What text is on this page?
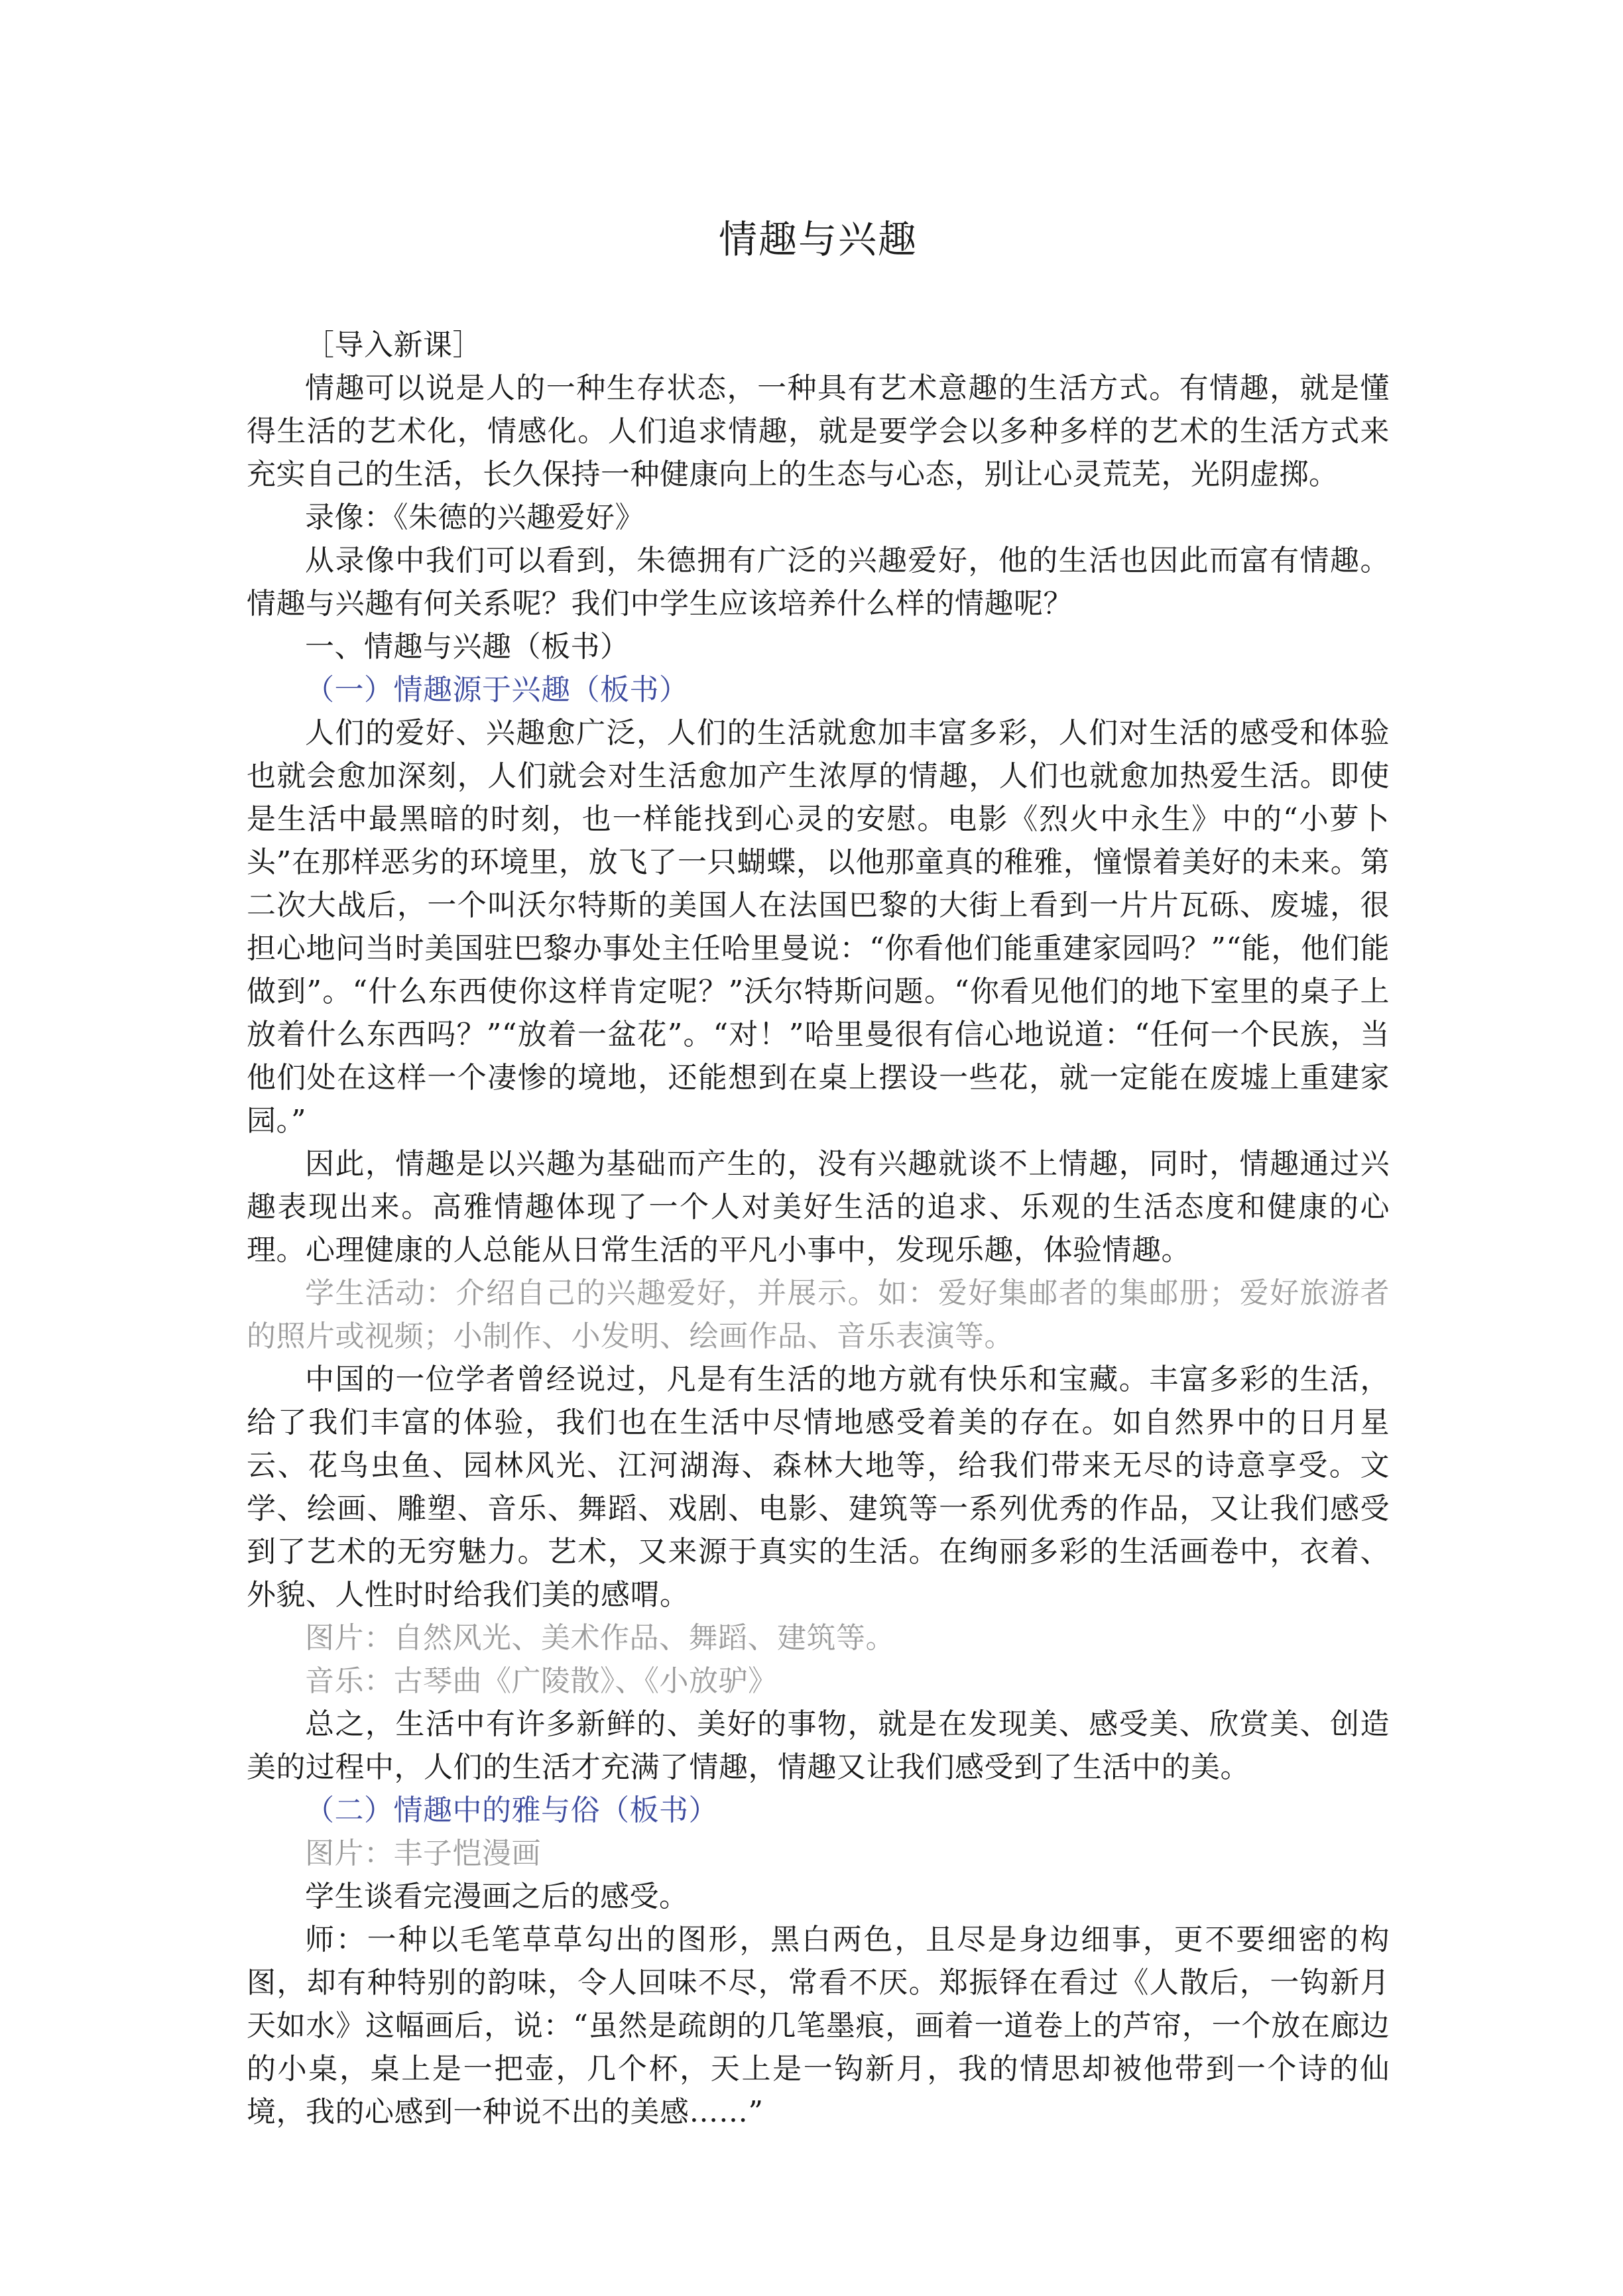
情趣与兴趣

［导入新课］

情趣可以说是人的一种生存状态，一种具有艺术意趣的生活方式。有情趣，就是懂得生活的艺术化，情感化。人们追求情趣，就是要学会以多种多样的艺术的生活方式来充实自己的生活，长久保持一种健康向上的生态与心态，别让心灵荒芜，光阴虚掷。

录像：《朱德的兴趣爱好》

从录像中我们可以看到，朱德拥有广泛的兴趣爱好，他的生活也因此而富有情趣。情趣与兴趣有何关系呢？我们中学生应该培养什么样的情趣呢？

一、情趣与兴趣（板书）

（一）情趣源于兴趣（板书）

人们的爱好、兴趣愈广泛，人们的生活就愈加丰富多彩，人们对生活的感受和体验也就会愈加深刻，人们就会对生活愈加产生浓厚的情趣，人们也就愈加热爱生活。即使是生活中最黑暗的时刻，也一样能找到心灵的安慰。电影《烈火中永生》中的“小萝卜头”在那样恶劣的环境里，放飞了一只蝴蝶，以他那童真的稚雅，憧憬着美好的未来。第二次大战后，一个叫沃尔特斯的美国人在法国巴黎的大街上看到一片片瓦砾、废墟，很担心地问当时美国驻巴黎办事处主任哈里曼说：“你看他们能重建家园吗？”“能，他们能做到”。“什么东西使你这样肯定呢？”沃尔特斯问题。“你看见他们的地下室里的桌子上放着什么东西吗？”“放着一盆花”。“对！”哈里曼很有信心地说道：“任何一个民族，当他们处在这样一个凄惨的境地，还能想到在桌上摆设一些花，就一定能在废墟上重建家园。”

因此，情趣是以兴趣为基础而产生的，没有兴趣就谈不上情趣，同时，情趣通过兴趣表现出来。高雅情趣体现了一个人对美好生活的追求、乐观的生活态度和健康的心理。心理健康的人总能从日常生活的平凡小事中，发现乐趣，体验情趣。

学生活动：介绍自己的兴趣爱好，并展示。如：爱好集邮者的集邮册；爱好旅游者的照片或视频；小制作、小发明、绘画作品、音乐表演等。

中国的一位学者曾经说过，凡是有生活的地方就有快乐和宝藏。丰富多彩的生活，给了我们丰富的体验，我们也在生活中尽情地感受着美的存在。如自然界中的日月星云、花鸟虫鱼、园林风光、江河湖海、森林大地等，给我们带来无尽的诗意享受。文学、绘画、雕塑、音乐、舞蹈、戏剧、电影、建筑等一系列优秀的作品，又让我们感受到了艺术的无穷魅力。艺术，又来源于真实的生活。在绚丽多彩的生活画卷中，衣着、外貌、人性时时给我们美的感喟。

图片：自然风光、美术作品、舞蹈、建筑等。

音乐：古琴曲《广陵散》、《小放驴》

总之，生活中有许多新鲜的、美好的事物，就是在发现美、感受美、欣赏美、创造美的过程中，人们的生活才充满了情趣，情趣又让我们感受到了生活中的美。

（二）情趣中的雅与俗（板书）

图片：丰子恺漫画

学生谈看完漫画之后的感受。

师：一种以毛笔草草勾出的图形，黑白两色，且尽是身边细事，更不要细密的构图，却有种特别的韵味，令人回味不尽，常看不厌。郑振铎在看过《人散后，一钩新月天如水》这幅画后，说：“虽然是疏朗的几笔墨痕，画着一道卷上的芦帘，一个放在廊边的小桌，桌上是一把壶，几个杯，天上是一钩新月，我的情思却被他带到一个诗的仙境，我的心感到一种说不出的美感……”
